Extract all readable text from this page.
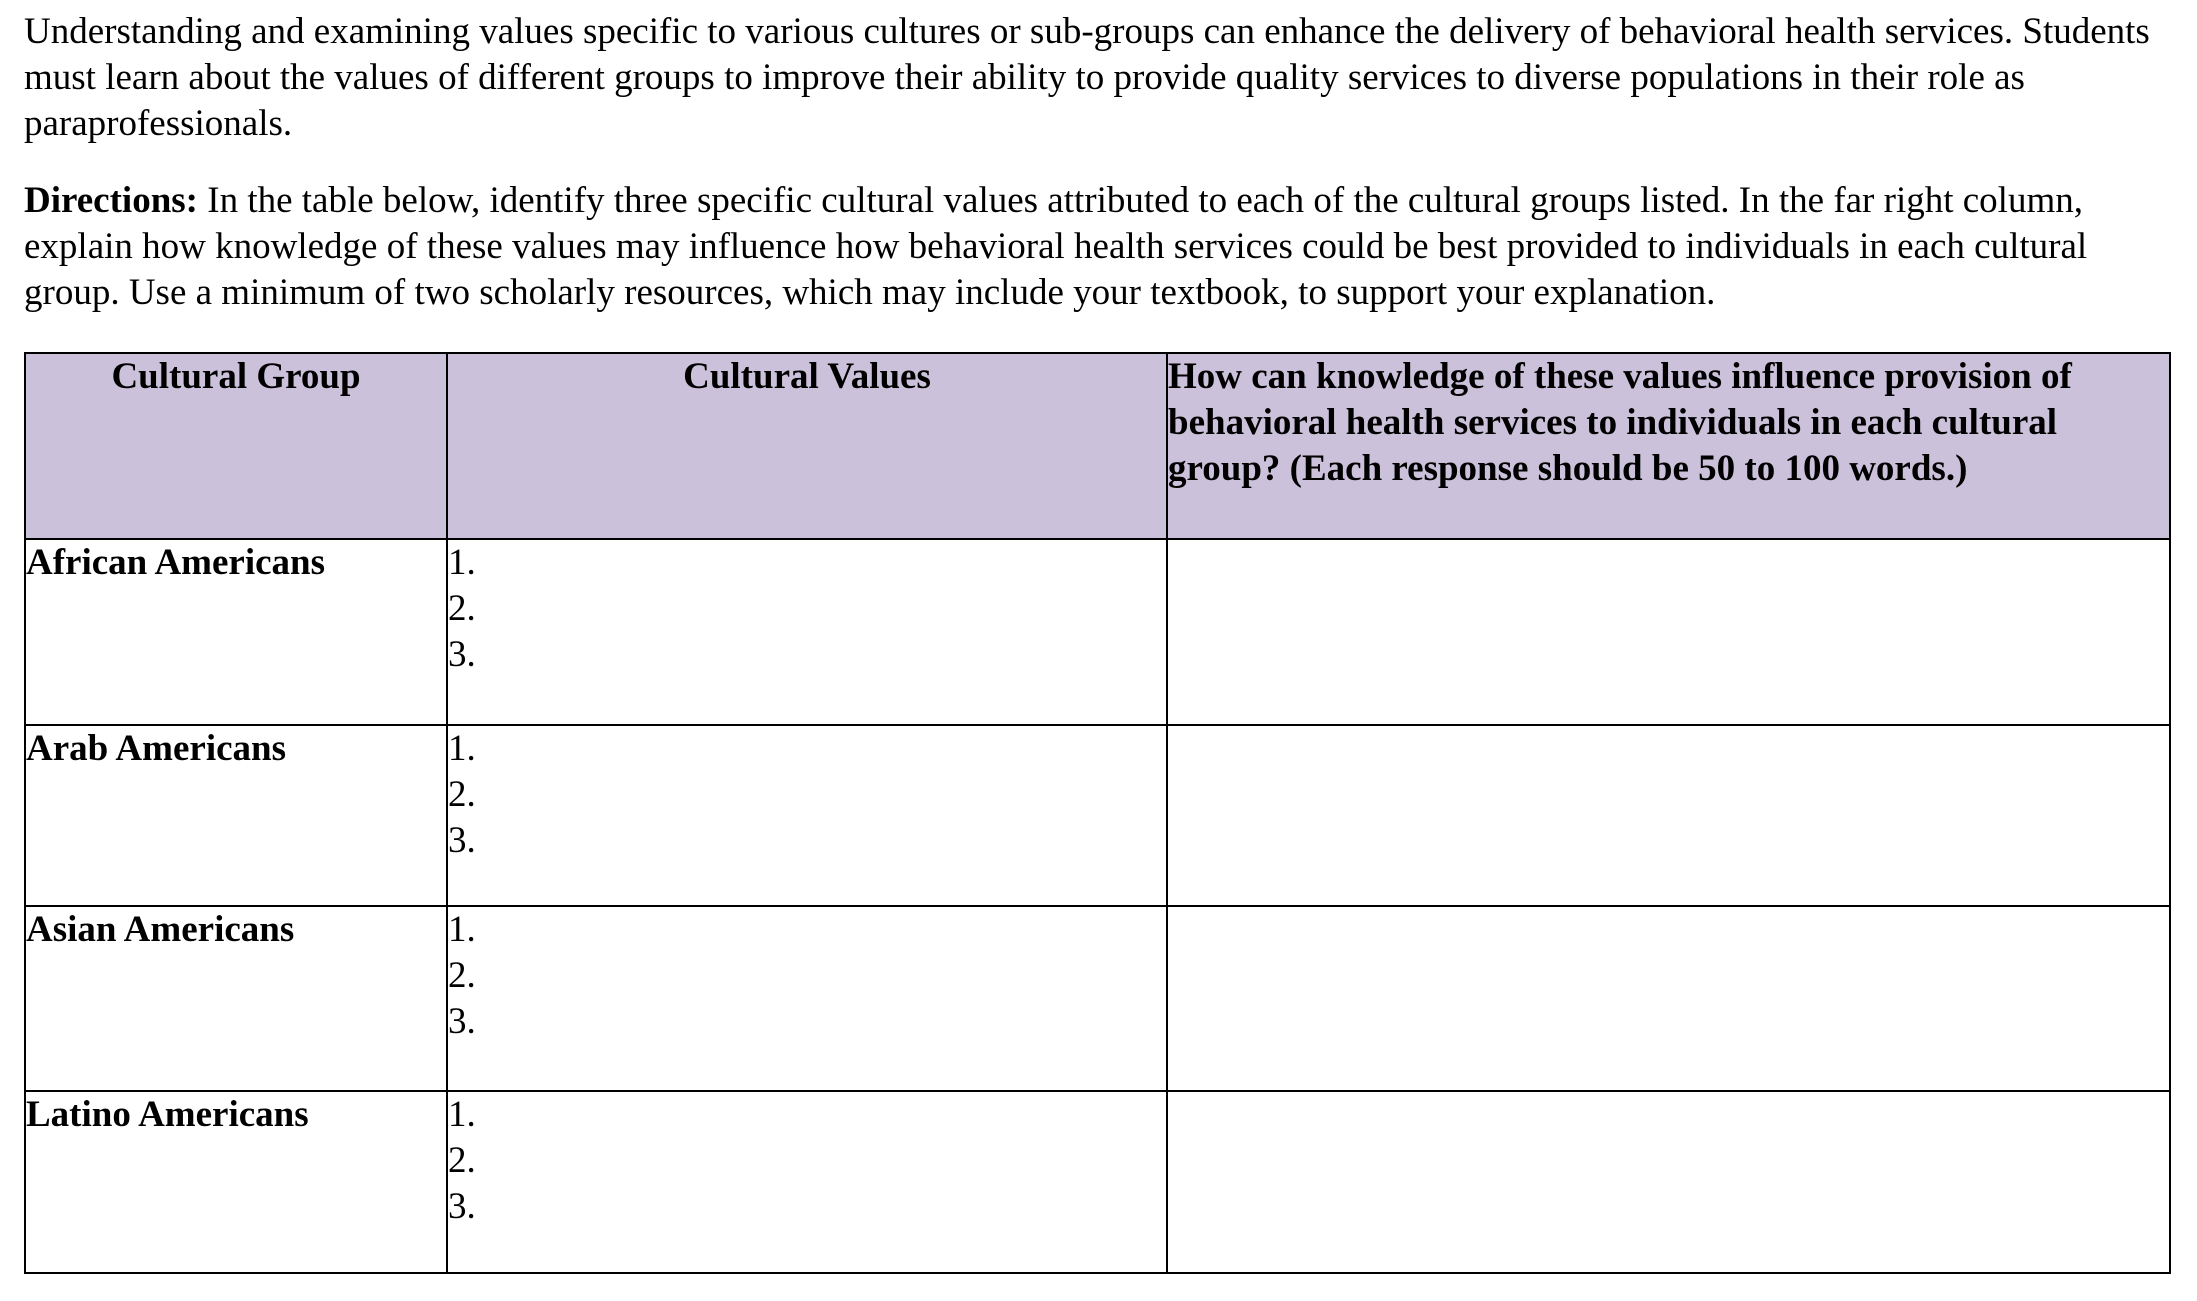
Understanding and examining values specific to various cultures or sub-groups can enhance the delivery of behavioral health services. Students must learn about the values of different groups to improve their ability to provide quality services to diverse populations in their role as paraprofessionals.

Directions: In the table below, identify three specific cultural values attributed to each of the cultural groups listed. In the far right column, explain how knowledge of these values may influence how behavioral health services could be best provided to individuals in each cultural group. Use a minimum of two scholarly resources, which may include your textbook, to support your explanation.

Cultural Group	Cultural Values	How can knowledge of these values influence provision of behavioral health services to individuals in each cultural group? (Each response should be 50 to 100 words.)
African Americans	1.
2.
3.	

Arab Americans	1.
2.
3.	

Asian Americans	1.
2.
3.	

Latino Americans	1.
2.
3.	
